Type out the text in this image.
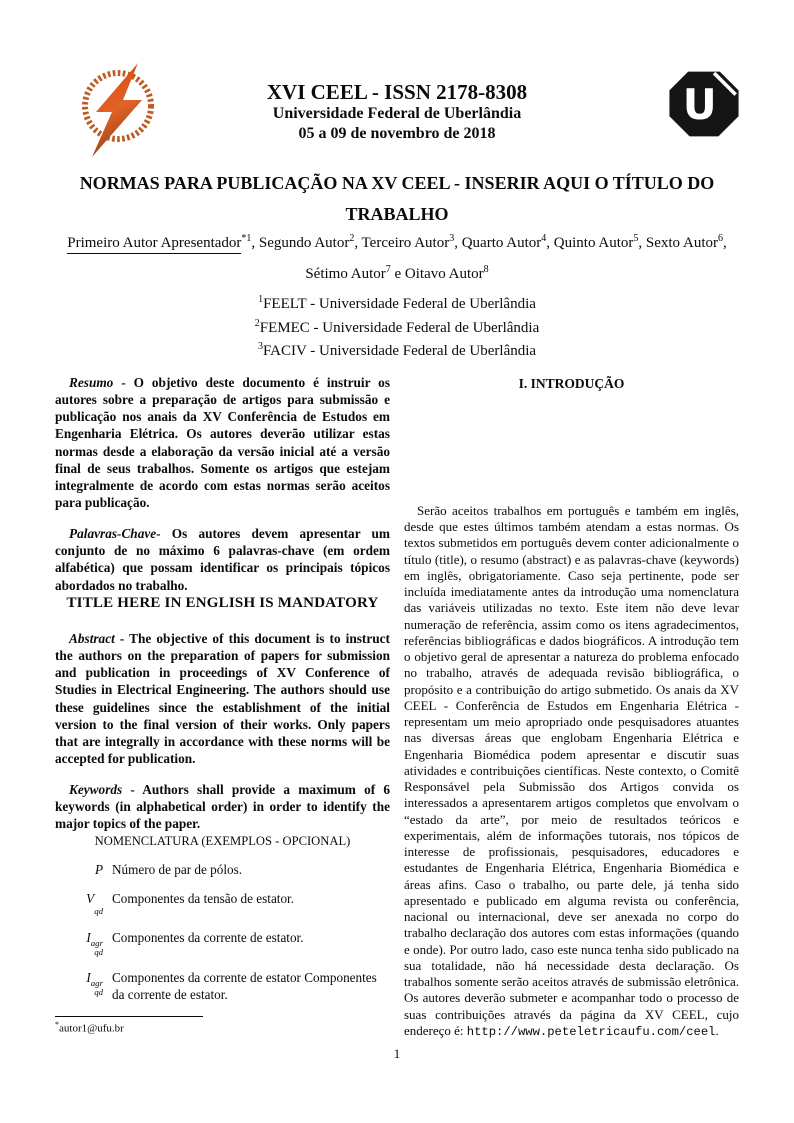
U
XVI CEEL - ISSN 2178-8308
Universidade Federal de Uberlândia
05 a 09 de novembro de 2018
NORMAS PARA PUBLICAÇÃO NA XV CEEL - INSERIR AQUI O TÍTULO DO TRABALHO
Primeiro Autor Apresentador$^{*1}$, Segundo Autor$^2$, Terceiro Autor$^3$, Quarto Autor$^4$, Quinto Autor$^5$, Sexto Autor$^6$, Sétimo Autor$^7$ e Oitavo Autor$^8$
$^1$FEELT - Universidade Federal de Uberlândia
$^2$FEMEC - Universidade Federal de Uberlândia
$^3$FACIV - Universidade Federal de Uberlândia

Resumo - O objetivo deste documento é instruir os autores sobre a preparação de artigos para submissão e publicação nos anais da XV Conferência de Estudos em Engenharia Elétrica. Os autores deverão utilizar estas normas desde a elaboração da versão inicial até a versão final de seus trabalhos. Somente os artigos que estejam integralmente de acordo com estas normas serão aceitos para publicação.

Palavras-Chave- Os autores devem apresentar um conjunto de no máximo 6 palavras-chave (em ordem alfabética) que possam identificar os principais tópicos abordados no trabalho.

TITLE HERE IN ENGLISH IS MANDATORY

Abstract - The objective of this document is to instruct the authors on the preparation of papers for submission and publication in proceedings of XV Conference of Studies in Electrical Engineering. The authors should use these guidelines since the establishment of the initial version to the final version of their works. Only papers that are integrally in accordance with these norms will be accepted for publication.

Keywords - Authors shall provide a maximum of 6 keywords (in alphabetical order) in order to identify the major topics of the paper.

NOMENCLATURA (EXEMPLOS - OPCIONAL)

P Número de par de pólos.
V
qd
Componentes da tensão de estator.
I agr
qd
Componentes da corrente de estator.
I agr
qd
Componentes da corrente de estator Componentes da corrente de estator.
*autor1@ufu.br

I. INTRODUÇÃO

Serão aceitos trabalhos em português e também em inglês, desde que estes últimos também atendam a estas normas. Os textos submetidos em português devem conter adicionalmente o título (title), o resumo (abstract) e as palavras-chave (keywords) em inglês, obrigatoriamente. Caso seja pertinente, pode ser incluída imediatamente antes da introdução uma nomenclatura das variáveis utilizadas no texto. Este item não deve levar numeração de referência, assim como os itens agradecimentos, referências bibliográficas e dados biográficos. A introdução tem o objetivo geral de apresentar a natureza do problema enfocado no trabalho, através de adequada revisão bibliográfica, o propósito e a contribuição do artigo submetido. Os anais da XV CEEL - Conferência de Estudos em Engenharia Elétrica - representam um meio apropriado onde pesquisadores atuantes nas diversas áreas que englobam Engenharia Elétrica e Engenharia Biomédica podem apresentar e discutir suas atividades e contribuições científicas. Neste contexto, o Comitê Responsável pela Submissão dos Artigos convida os interessados a apresentarem artigos completos que envolvam o “estado da arte”, por meio de resultados teóricos e experimentais, além de informações tutorais, nos tópicos de interesse de profissionais, pesquisadores, educadores e estudantes de Engenharia Elétrica, Engenharia Biomédica e áreas afins. Caso o trabalho, ou parte dele, já tenha sido apresentado e publicado em alguma revista ou conferência, nacional ou internacional, deve ser anexada no corpo do trabalho declaração dos autores com estas informações (quando e onde). Por outro lado, caso este nunca tenha sido publicado na sua totalidade, não há necessidade desta declaração. Os trabalhos somente serão aceitos através de submissão eletrônica. Os autores deverão submeter e acompanhar todo o processo de suas contribuições através da página da XV CEEL, cujo endereço é: http://www.peteletricaufu.com/ceel.

1
